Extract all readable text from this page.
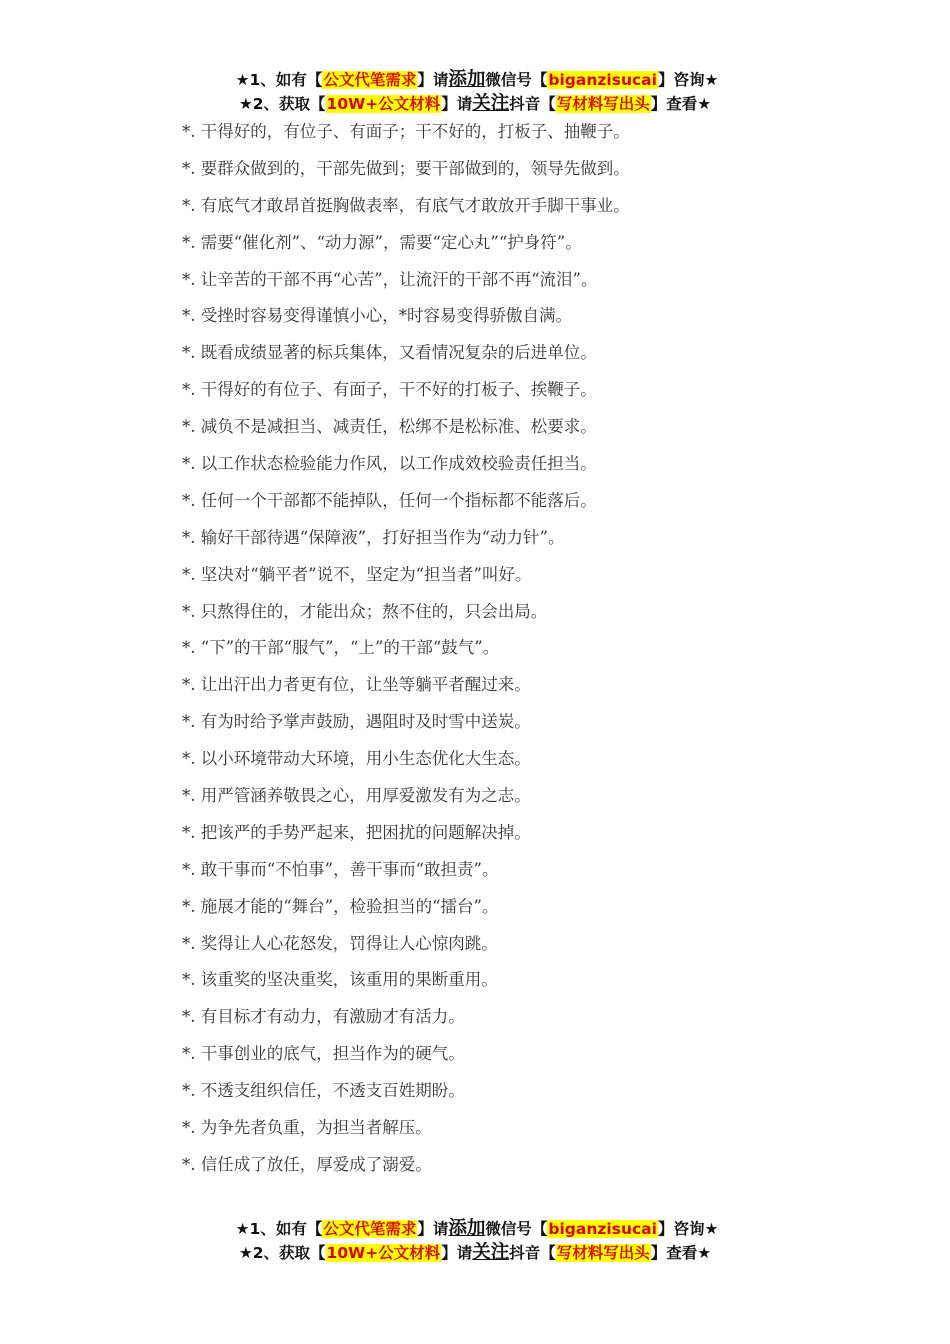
★1、如有【公文代笔需求】请添加微信号【biganzisucai】咨询★
★2、获取【10W+公文材料】请关注抖音【写材料写出头】查看★
*. 干得好的，有位子、有面子；干不好的，打板子、抽鞭子。
*. 要群众做到的，干部先做到；要干部做到的，领导先做到。
*. 有底气才敢昂首挺胸做表率，有底气才敢放开手脚干事业。
*. 需要“催化剂”、“动力源”，需要“定心丸”“护身符”。
*. 让辛苦的干部不再“心苦”，让流汗的干部不再“流泪”。
*. 受挫时容易变得谨慎小心，*时容易变得骄傲自满。
*. 既看成绩显著的标兵集体，又看情况复杂的后进单位。
*. 干得好的有位子、有面子，干不好的打板子、挨鞭子。
*. 减负不是减担当、减责任，松绑不是松标准、松要求。
*. 以工作状态检验能力作风，以工作成效校验责任担当。
*. 任何一个干部都不能掉队，任何一个指标都不能落后。
*. 输好干部待遇“保障液”，打好担当作为“动力针”。
*. 坚决对“躺平者”说不，坚定为“担当者”叫好。
*. 只熬得住的，才能出众；熬不住的，只会出局。
*. “下”的干部“服气”，“上”的干部“鼓气”。
*. 让出汗出力者更有位，让坐等躺平者醒过来。
*. 有为时给予掌声鼓励，遇阻时及时雪中送炭。
*. 以小环境带动大环境，用小生态优化大生态。
*. 用严管涵养敬畏之心，用厚爱激发有为之志。
*. 把该严的手势严起来，把困扰的问题解决掉。
*. 敢干事而“不怕事”，善干事而“敢担责”。
*. 施展才能的“舞台”，检验担当的“擂台”。
*. 奖得让人心花怒发，罚得让人心惊肉跳。
*. 该重奖的坚决重奖，该重用的果断重用。
*. 有目标才有动力，有激励才有活力。
*. 干事创业的底气，担当作为的硬气。
*. 不透支组织信任，不透支百姓期盼。
*. 为争先者负重，为担当者解压。
*. 信任成了放任，厚爱成了溺爱。
★1、如有【公文代笔需求】请添加微信号【biganzisucai】咨询★
★2、获取【10W+公文材料】请关注抖音【写材料写出头】查看★
